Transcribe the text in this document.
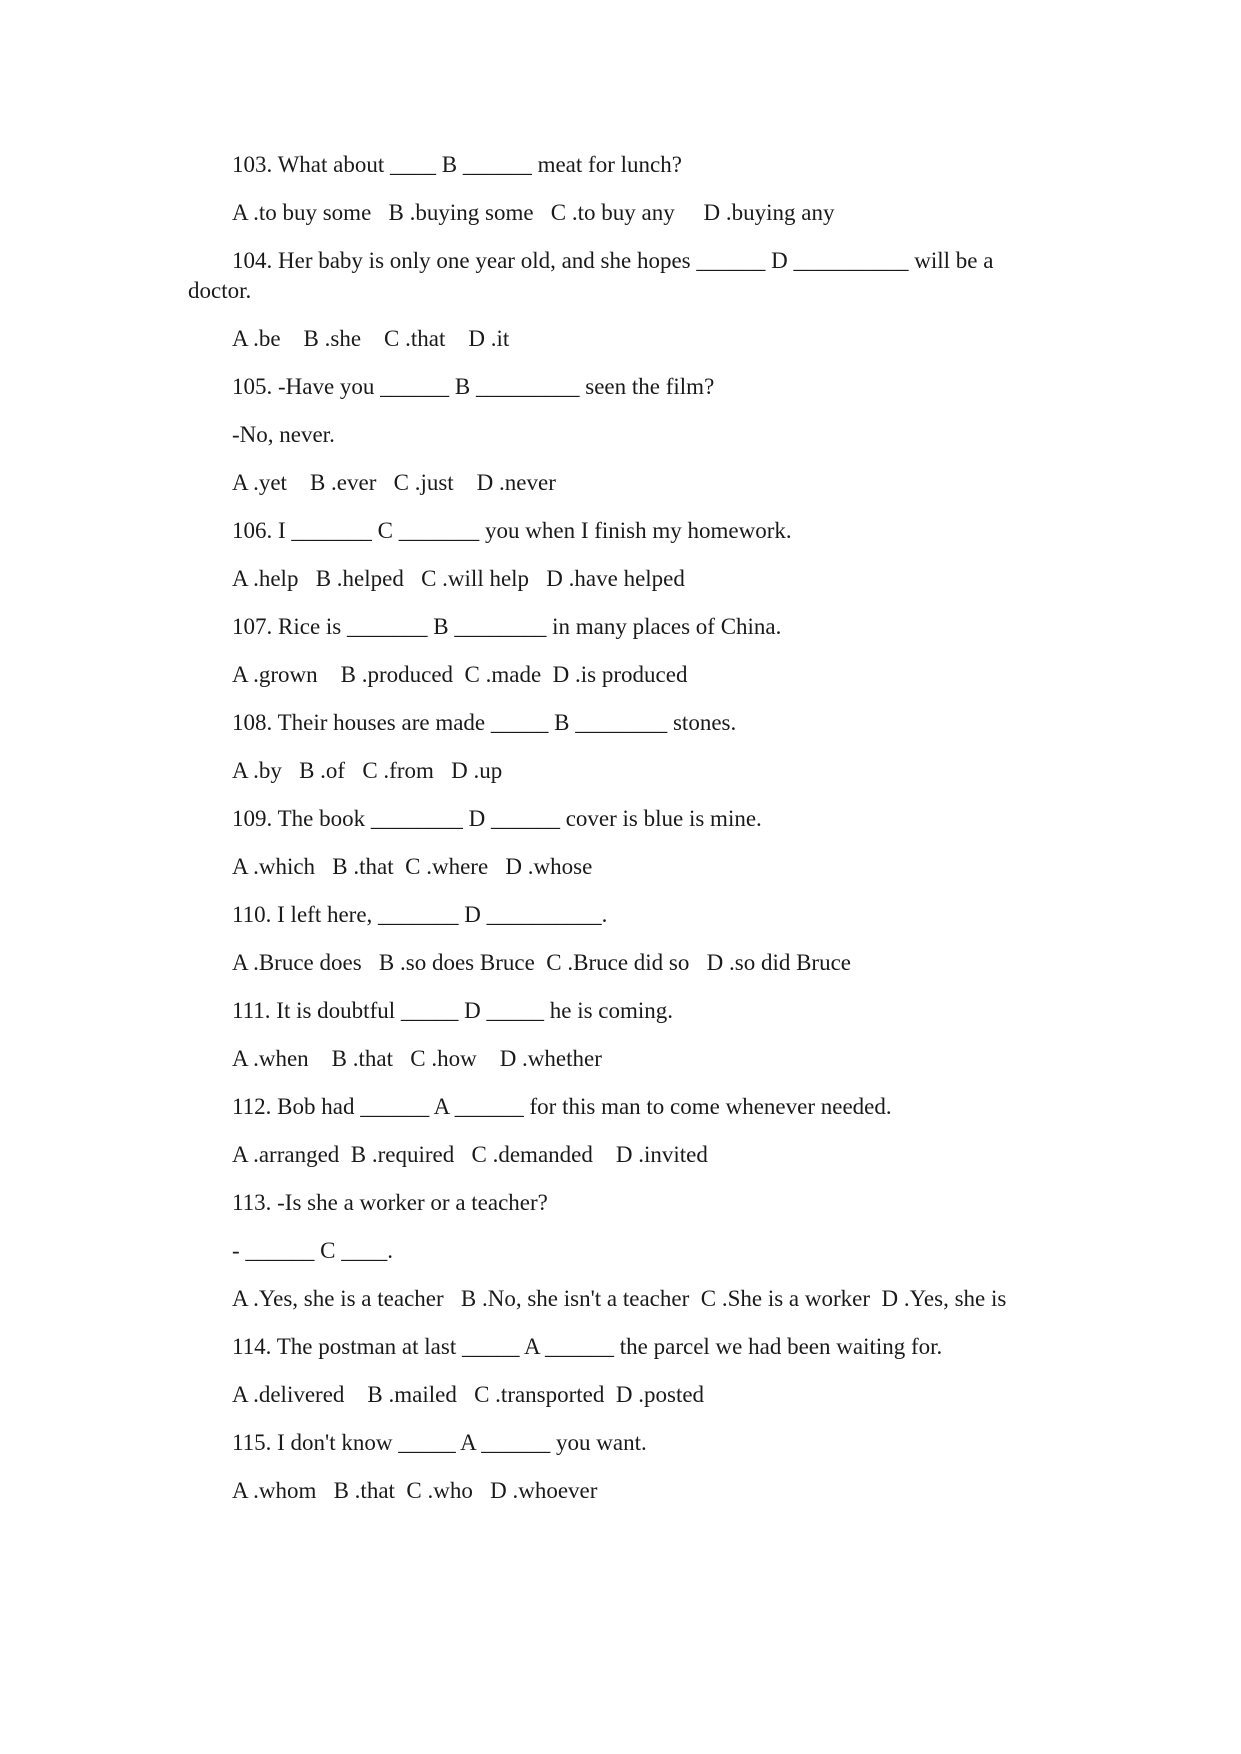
103. What about ____ B ______ meat for lunch?
A .to buy some   B .buying some   C .to buy any     D .buying any
104. Her baby is only one year old, and she hopes ______ D __________ will be a doctor.
A .be    B .she    C .that    D .it
105. -Have you ______ B _________ seen the film?
-No, never.
A .yet    B .ever   C .just    D .never
106. I _______ C _______ you when I finish my homework.
A .help   B .helped   C .will help   D .have helped
107. Rice is _______ B ________ in many places of China.
A .grown    B .produced  C .made  D .is produced
108. Their houses are made _____ B ________ stones.
A .by   B .of   C .from   D .up
109. The book ________ D ______ cover is blue is mine.
A .which   B .that  C .where   D .whose
110. I left here, _______ D __________.
A .Bruce does   B .so does Bruce  C .Bruce did so   D .so did Bruce
111. It is doubtful _____ D _____ he is coming.
A .when    B .that   C .how    D .whether
112. Bob had ______ A ______ for this man to come whenever needed.
A .arranged  B .required   C .demanded    D .invited
113. -Is she a worker or a teacher?
- ______ C ____.
A .Yes, she is a teacher   B .No, she isn't a teacher  C .She is a worker  D .Yes, she is
114. The postman at last _____ A ______ the parcel we had been waiting for.
A .delivered    B .mailed   C .transported  D .posted
115. I don't know _____ A ______ you want.
A .whom   B .that  C .who   D .whoever
